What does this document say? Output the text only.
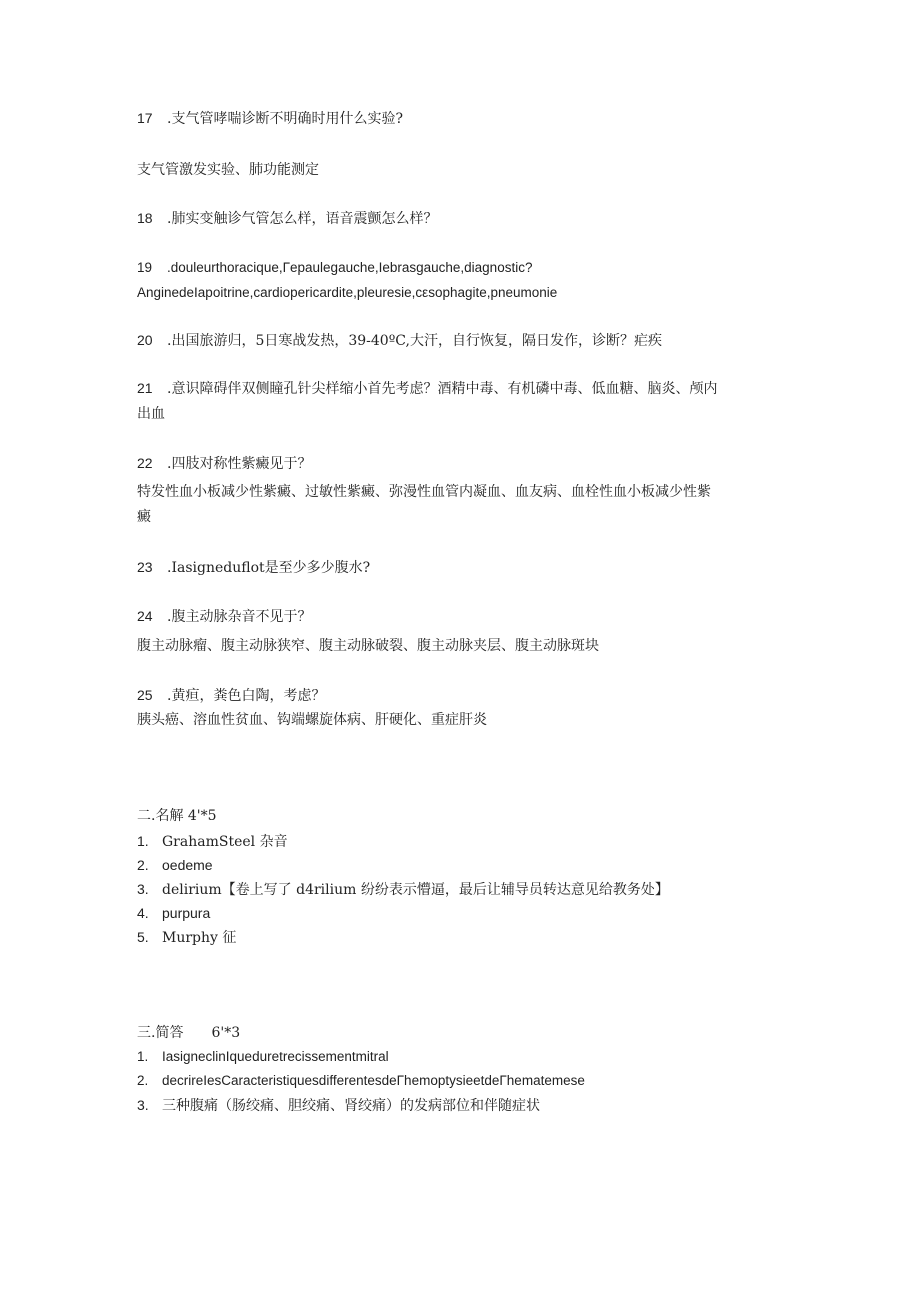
17 .支气管哮喘诊断不明确时用什么实验?
支气管激发实验、肺功能测定
18 .肺实变触诊气管怎么样，语音震颤怎么样？
19 .douleurthoracique,Γepaulegauche,Iebrasgauche,diagnostic?
AnginedeIapoitrine,cardiopericardite,pleuresie,cεsophagite,pneumonie
20 .出国旅游归，5日寒战发热，39-40ºC,大汗，自行恢复，隔日发作，诊断？疟疾
21 .意识障碍伴双侧瞳孔针尖样缩小首先考虑？酒精中毒、有机磷中毒、低血糖、脑炎、颅内
出血
22 .四肢对称性紫癜见于？
特发性血小板减少性紫癜、过敏性紫癜、弥漫性血管内凝血、血友病、血栓性血小板减少性紫
癜
23 .Iasigneduflot是至少多少腹水?
24 .腹主动脉杂音不见于？
腹主动脉瘤、腹主动脉狭窄、腹主动脉破裂、腹主动脉夹层、腹主动脉斑块
25 .黄疸，粪色白陶，考虑？
胰头癌、溶血性贫血、钩端螺旋体病、肝硬化、重症肝炎
二.名解 4'*5
1. GrahamSteel 杂音
2. oedeme
3. delirium【卷上写了 d4rilium 纷纷表示懵逼，最后让辅导员转达意见给教务处】
4. purpura
5. Murphy 征
三.简答　　6'*3
1. IasigneclinIqueduretrecissementmitral
2. decrireIesCaracteristiquesdifferentesdeΓhemoptysieetdeΓhematemese
3. 三种腹痛（肠绞痛、胆绞痛、肾绞痛）的发病部位和伴随症状
